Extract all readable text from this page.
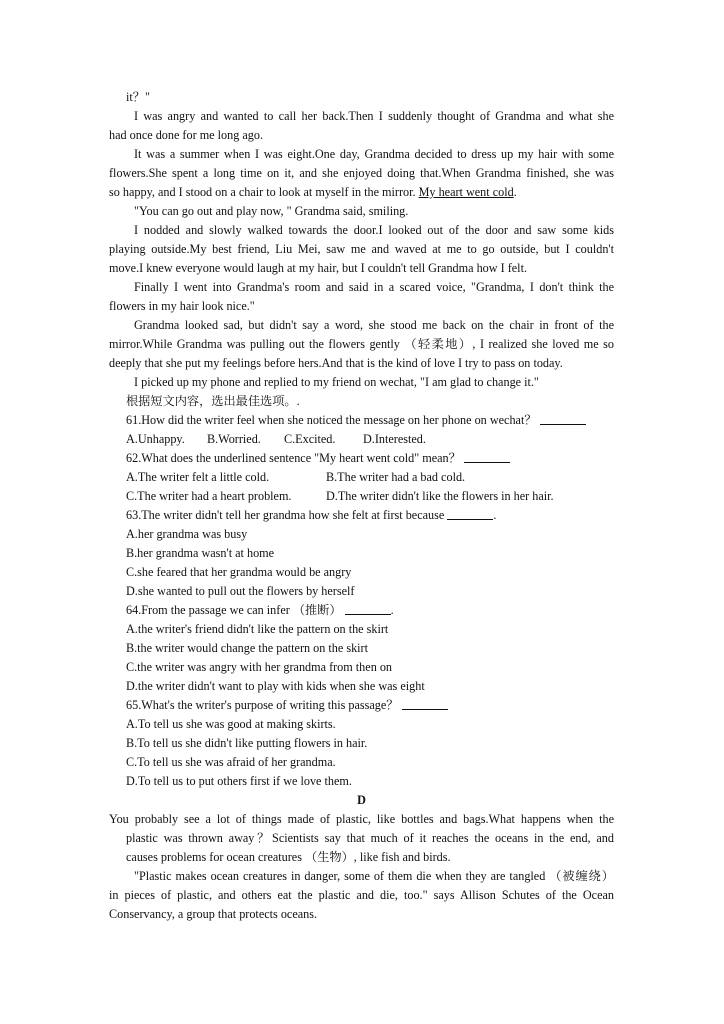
it？"
I was angry and wanted to call her back.Then I suddenly thought of Grandma and what she
had once done for me long ago.
It was a summer when I was eight.One day, Grandma decided to dress up my hair with some
flowers.She spent a long time on it, and she enjoyed doing that.When Grandma finished, she was
so happy, and I stood on a chair to look at myself in the mirror. My heart went cold.
"You can go out and play now, " Grandma said, smiling.
I nodded and slowly walked towards the door.I looked out of the door and saw some kids
playing outside.My best friend, Liu Mei, saw me and waved at me to go outside, but I couldn't
move.I knew everyone would laugh at my hair, but I couldn't tell Grandma how I felt.
Finally I went into Grandma's room and said in a scared voice, "Grandma, I don't think the
flowers in my hair look nice."
Grandma looked sad, but didn't say a word, she stood me back on the chair in front of the
mirror.While Grandma was pulling out the flowers gently （轻柔地）, I realized she loved me so
deeply that she put my feelings before hers.And that is the kind of love I try to pass on today.
I picked up my phone and replied to my friend on wechat, "I am glad to change it."
根据短文内容，选出最佳选项。.
61.How did the writer feel when she noticed the message on her phone on wechat？
A.Unhappy. B.Worried. C.Excited. D.Interested.
62.What does the underlined sentence "My heart went cold" mean？
A.The writer felt a little cold.	B.The writer had a bad cold.
C.The writer had a heart problem.	D.The writer didn't like the flowers in her hair.
63.The writer didn't tell her grandma how she felt at first because	.
A.her grandma was busy
B.her grandma wasn't at home
C.she feared that her grandma would be angry
D.she wanted to pull out the flowers by herself
64.From the passage we can infer （推断）	.
A.the writer's friend didn't like the pattern on the skirt
B.the writer would change the pattern on the skirt
C.the writer was angry with her grandma from then on
D.the writer didn't want to play with kids when she was eight
65.What's the writer's purpose of writing this passage？
A.To tell us she was good at making skirts.
B.To tell us she didn't like putting flowers in hair.
C.To tell us she was afraid of her grandma.
D.To tell us to put others first if we love them.
D
You probably see a lot of things made of plastic, like bottles and bags.What happens when the
plastic was thrown away？Scientists say that much of it reaches the oceans in the end, and
causes problems for ocean creatures （生物）, like fish and birds.
"Plastic makes ocean creatures in danger, some of them die when they are tangled （被缠绕）
in pieces of plastic, and others eat the plastic and die, too." says Allison Schutes of the Ocean
Conservancy, a group that protects oceans.
